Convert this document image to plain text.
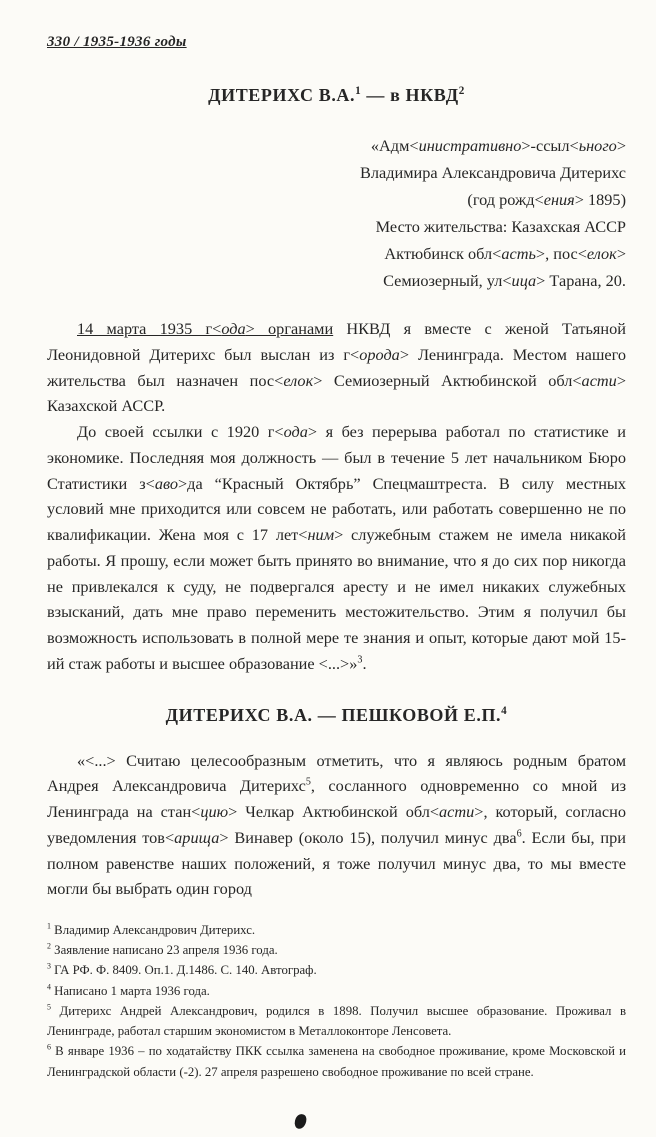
330 / 1935-1936 годы
ДИТЕРИХС В.А.$^1$ — в НКВД$^2$
«Адм<инистративно>-ссыл<ьного>
Владимира Александровича Дитерихс
(год рожд<ения> 1895)
Место жительства: Казахская АССР
Актюбинск обл<асть>, пос<елок>
Семиозерный, ул<ица> Тарана, 20.

14 марта 1935 г<ода> органами НКВД я вместе с женой Татьяной Леонидовной Дитерихс был выслан из г<орода> Ленинграда. Местом нашего жительства был назначен пос<елок> Семиозерный Актюбинской обл<асти> Казахской АССР.

До своей ссылки с 1920 г<ода> я без перерыва работал по статистике и экономике. Последняя моя должность — был в течение 5 лет начальником Бюро Статистики з<аво>да “Красный Октябрь” Спецмаштреста. В силу местных условий мне приходится или совсем не работать, или работать совершенно не по квалификации. Жена моя с 17 лет<ним> служебным стажем не имела никакой работы. Я прошу, если может быть принято во внимание, что я до сих пор никогда не привлекался к суду, не подвергался аресту и не имел никаких служебных взысканий, дать мне право переменить местожительство. Этим я получил бы возможность использовать в полной мере те знания и опыт, которые дают мой 15-ий стаж работы и высшее образование <...>»$^3$.

ДИТЕРИХС В.А. — ПЕШКОВОЙ Е.П.$^4$

«<...> Считаю целесообразным отметить, что я являюсь родным братом Андрея Александровича Дитерихс$^5$, сосланного одновременно со мной из Ленинграда на стан<цию> Челкар Актюбинской обл<асти>, который, согласно уведомления тов<арища> Винавер (около 15), получил минус два$^6$. Если бы, при полном равенстве наших положений, я тоже получил минус два, то мы вместе могли бы выбрать один город

$^1$ Владимир Александрович Дитерихс.

$^2$ Заявление написано 23 апреля 1936 года.

$^3$ ГА РФ. Ф. 8409. Оп.1. Д.1486. С. 140. Автограф.

$^4$ Написано 1 марта 1936 года.

$^5$ Дитерихс Андрей Александрович, родился в 1898. Получил высшее образование. Проживал в Ленинграде, работал старшим экономистом в Металлоконторе Ленсовета.

$^6$ В январе 1936 – по ходатайству ПКК ссылка заменена на свободное проживание, кроме Московской и Ленинградской области (-2). 27 апреля разрешено свободное проживание по всей стране.
